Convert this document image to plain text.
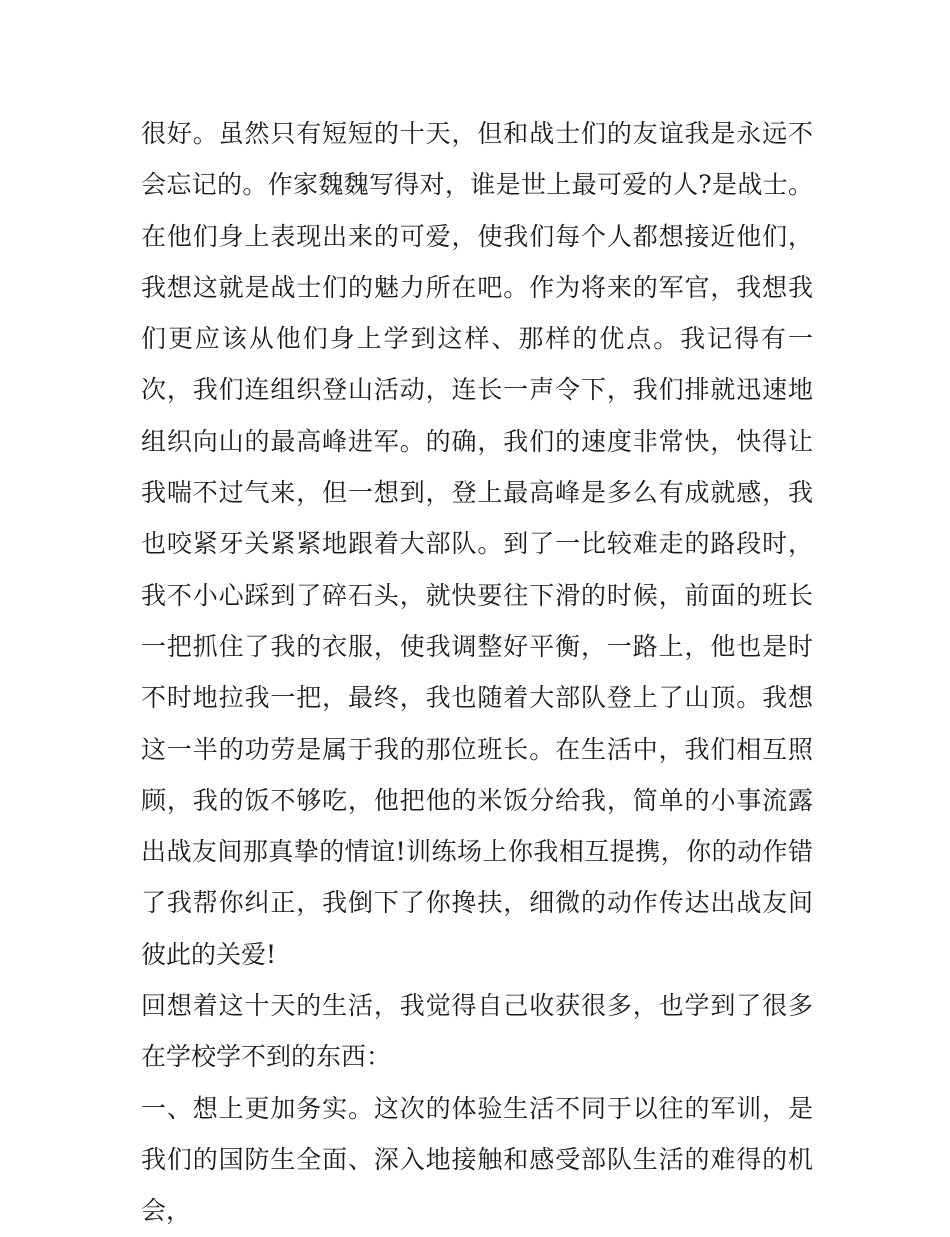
很好。虽然只有短短的十天，但和战士们的友谊我是永远不会忘记的。作家魏魏写得对，谁是世上最可爱的人?是战士。在他们身上表现出来的可爱，使我们每个人都想接近他们，我想这就是战士们的魅力所在吧。作为将来的军官，我想我们更应该从他们身上学到这样、那样的优点。我记得有一次，我们连组织登山活动，连长一声令下，我们排就迅速地组织向山的最高峰进军。的确，我们的速度非常快，快得让我喘不过气来，但一想到，登上最高峰是多么有成就感，我也咬紧牙关紧紧地跟着大部队。到了一比较难走的路段时，我不小心踩到了碎石头，就快要往下滑的时候，前面的班长一把抓住了我的衣服，使我调整好平衡，一路上，他也是时不时地拉我一把，最终，我也随着大部队登上了山顶。我想这一半的功劳是属于我的那位班长。在生活中，我们相互照顾，我的饭不够吃，他把他的米饭分给我，简单的小事流露出战友间那真挚的情谊!训练场上你我相互提携，你的动作错了我帮你纠正，我倒下了你搀扶，细微的动作传达出战友间彼此的关爱!

回想着这十天的生活，我觉得自己收获很多，也学到了很多在学校学不到的东西：

一、想上更加务实。这次的体验生活不同于以往的军训，是我们的国防生全面、深入地接触和感受部队生活的难得的机会，
